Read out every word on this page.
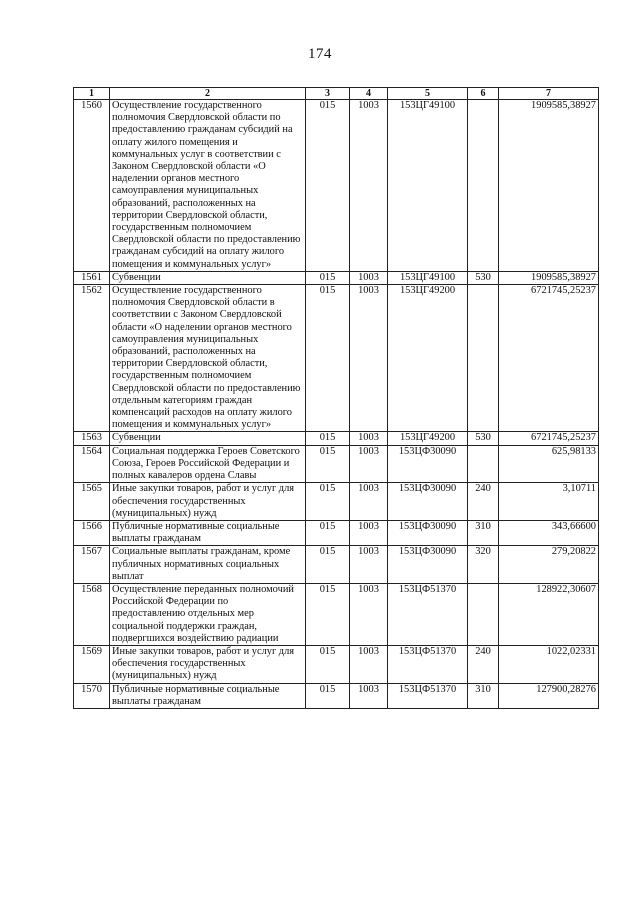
174
1	2	3	4	5	6	7
1560	Осуществление государственного полномочия Свердловской области по предоставлению гражданам субсидий на оплату жилого помещения и коммунальных услуг в соответствии с Законом Свердловской области «О наделении органов местного самоуправления муниципальных образований, расположенных на территории Свердловской области, государственным полномочием Свердловской области по предоставлению гражданам субсидий на оплату жилого помещения и коммунальных услуг»	015	1003	153ЦГ49100		1909585,38927
1561	Субвенции	015	1003	153ЦГ49100	530	1909585,38927
1562	Осуществление государственного полномочия Свердловской области в соответствии с Законом Свердловской области «О наделении органов местного самоуправления муниципальных образований, расположенных на территории Свердловской области, государственным полномочием Свердловской области по предоставлению отдельным категориям граждан компенсаций расходов на оплату жилого помещения и коммунальных услуг»	015	1003	153ЦГ49200		6721745,25237
1563	Субвенции	015	1003	153ЦГ49200	530	6721745,25237
1564	Социальная поддержка Героев Советского Союза, Героев Российской Федерации и полных кавалеров ордена Славы	015	1003	153ЦФ30090		625,98133
1565	Иные закупки товаров, работ и услуг для обеспечения государственных (муниципальных) нужд	015	1003	153ЦФ30090	240	3,10711
1566	Публичные нормативные социальные выплаты гражданам	015	1003	153ЦФ30090	310	343,66600
1567	Социальные выплаты гражданам, кроме публичных нормативных социальных выплат	015	1003	153ЦФ30090	320	279,20822
1568	Осуществление переданных полномочий Российской Федерации по предоставлению отдельных мер социальной поддержки граждан, подвергшихся воздействию радиации	015	1003	153ЦФ51370		128922,30607
1569	Иные закупки товаров, работ и услуг для обеспечения государственных (муниципальных) нужд	015	1003	153ЦФ51370	240	1022,02331
1570	Публичные нормативные социальные выплаты гражданам	015	1003	153ЦФ51370	310	127900,28276
